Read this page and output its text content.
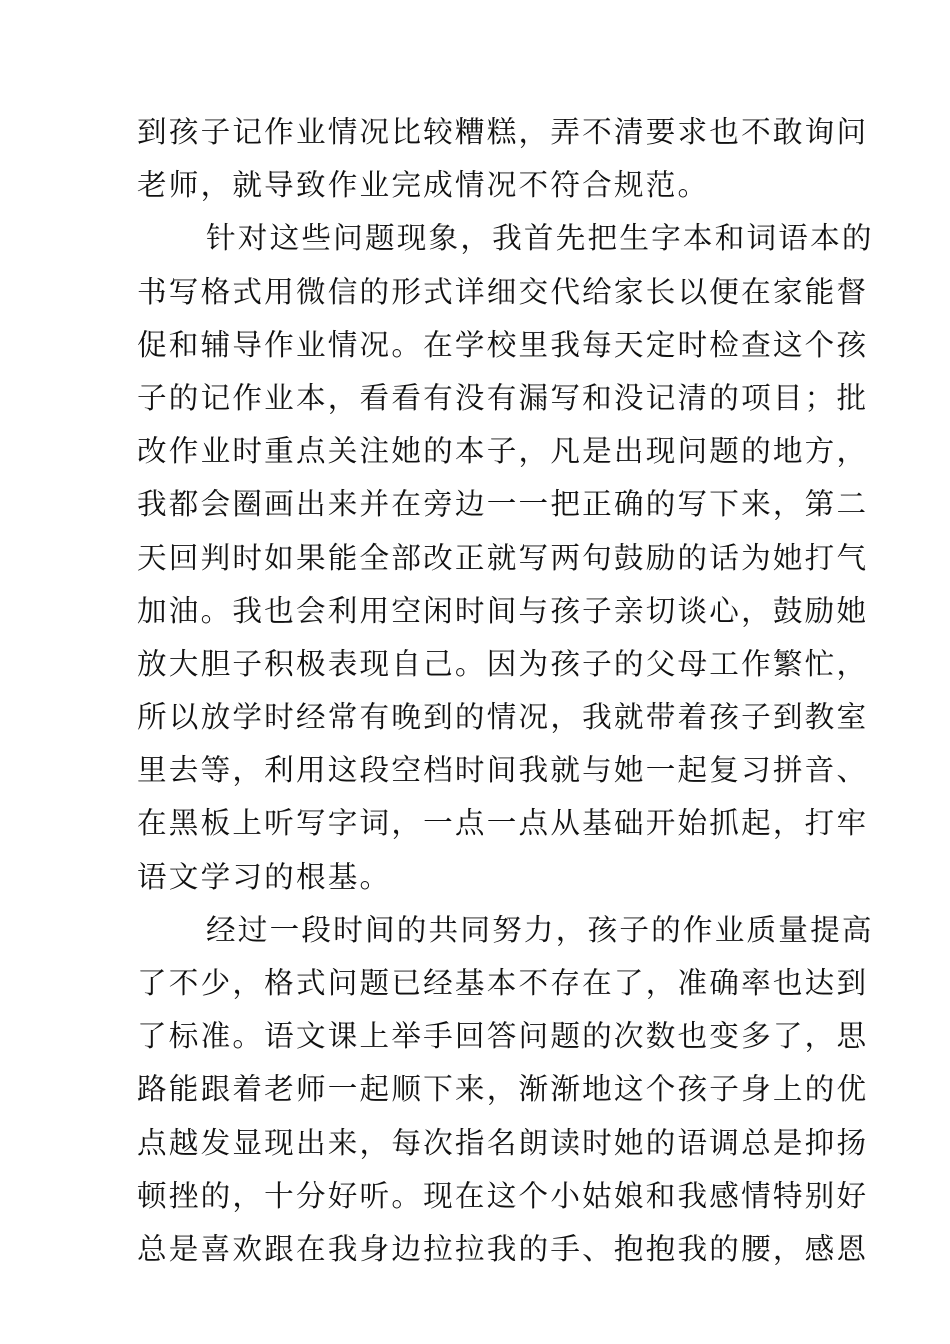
到孩子记作业情况比较糟糕，弄不清要求也不敢询问
老师，就导致作业完成情况不符合规范。
针对这些问题现象，我首先把生字本和词语本的
书写格式用微信的形式详细交代给家长以便在家能督
促和辅导作业情况。在学校里我每天定时检查这个孩
子的记作业本，看看有没有漏写和没记清的项目；批
改作业时重点关注她的本子，凡是出现问题的地方，
我都会圈画出来并在旁边一一把正确的写下来，第二
天回判时如果能全部改正就写两句鼓励的话为她打气
加油。我也会利用空闲时间与孩子亲切谈心，鼓励她
放大胆子积极表现自己。因为孩子的父母工作繁忙，
所以放学时经常有晚到的情况，我就带着孩子到教室
里去等，利用这段空档时间我就与她一起复习拼音、
在黑板上听写字词，一点一点从基础开始抓起，打牢
语文学习的根基。
经过一段时间的共同努力，孩子的作业质量提高
了不少，格式问题已经基本不存在了，准确率也达到
了标准。语文课上举手回答问题的次数也变多了，思
路能跟着老师一起顺下来，渐渐地这个孩子身上的优
点越发显现出来，每次指名朗读时她的语调总是抑扬
顿挫的，十分好听。现在这个小姑娘和我感情特别好
总是喜欢跟在我身边拉拉我的手、抱抱我的腰，感恩
